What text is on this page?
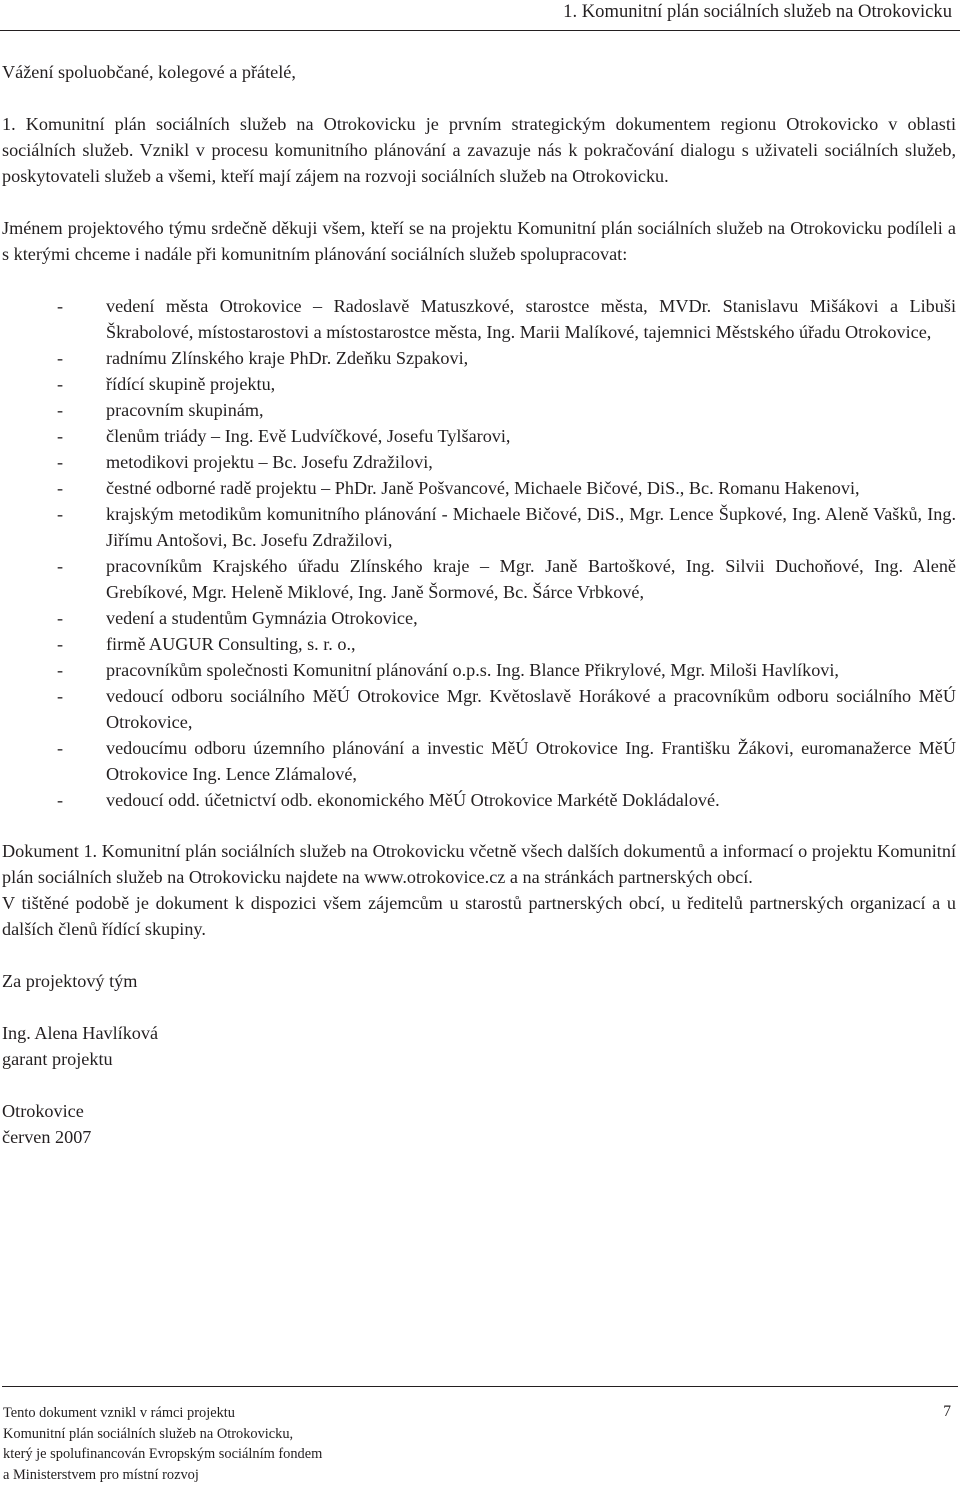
1. Komunitní plán sociálních služeb na Otrokovicku

Vážení spoluobčané, kolegové a přátelé,

1. Komunitní plán sociálních služeb na Otrokovicku je prvním strategickým dokumentem regionu Otrokovicko v oblasti sociálních služeb. Vznikl v procesu komunitního plánování a zavazuje nás k pokračování dialogu s uživateli sociálních služeb, poskytovateli služeb a všemi, kteří mají zájem na rozvoji sociálních služeb na Otrokovicku.

Jménem projektového týmu srdečně děkuji všem, kteří se na projektu Komunitní plán sociálních služeb na Otrokovicku podíleli a s kterými chceme i nadále při komunitním plánování sociálních služeb spolupracovat:

- vedení města Otrokovice – Radoslavě Matuszkové, starostce města, MVDr. Stanislavu Mišákovi a Libuši Škrabolové, místostarostovi a místostarostce města, Ing. Marii Malíkové, tajemnici Městského úřadu Otrokovice,
- radnímu Zlínského kraje PhDr. Zdeňku Szpakovi,
- řídící skupině projektu,
- pracovním skupinám,
- členům triády – Ing. Evě Ludvíčkové, Josefu Tylšarovi,
- metodikovi projektu – Bc. Josefu Zdražilovi,
- čestné odborné radě projektu – PhDr. Janě Pošvancové, Michaele Bičové, DiS., Bc. Romanu Hakenovi,
- krajským metodikům komunitního plánování - Michaele Bičové, DiS., Mgr. Lence Šupkové, Ing. Aleně Vašků, Ing. Jiřímu Antošovi, Bc. Josefu Zdražilovi,
- pracovníkům Krajského úřadu Zlínského kraje – Mgr. Janě Bartoškové, Ing. Silvii Duchoňové, Ing. Aleně Grebíkové, Mgr. Heleně Miklové, Ing. Janě Šormové, Bc. Šárce Vrbkové,
- vedení a studentům Gymnázia Otrokovice,
- firmě AUGUR Consulting, s. r. o.,
- pracovníkům společnosti Komunitní plánování o.p.s. Ing. Blance Přikrylové, Mgr. Miloši Havlíkovi,
- vedoucí odboru sociálního MěÚ Otrokovice Mgr. Květoslavě Horákové a pracovníkům odboru sociálního MěÚ Otrokovice,
- vedoucímu odboru územního plánování a investic MěÚ Otrokovice Ing. Františku Žákovi, euromanažerce MěÚ Otrokovice Ing. Lence Zlámalové,
- vedoucí odd. účetnictví odb. ekonomického MěÚ Otrokovice Markétě Dokládalové.

Dokument 1. Komunitní plán sociálních služeb na Otrokovicku včetně všech dalších dokumentů a informací o projektu Komunitní plán sociálních služeb na Otrokovicku najdete na www.otrokovice.cz a na stránkách partnerských obcí.

V tištěné podobě je dokument k dispozici všem zájemcům u starostů partnerských obcí, u ředitelů partnerských organizací a u dalších členů řídící skupiny.

Za projektový tým

Ing. Alena Havlíková

garant projektu

Otrokovice

červen 2007

Tento dokument vznikl v rámci projektu
Komunitní plán sociálních služeb na Otrokovicku,
který je spolufinancován Evropským sociálním fondem
a Ministerstvem pro místní rozvoj
7
